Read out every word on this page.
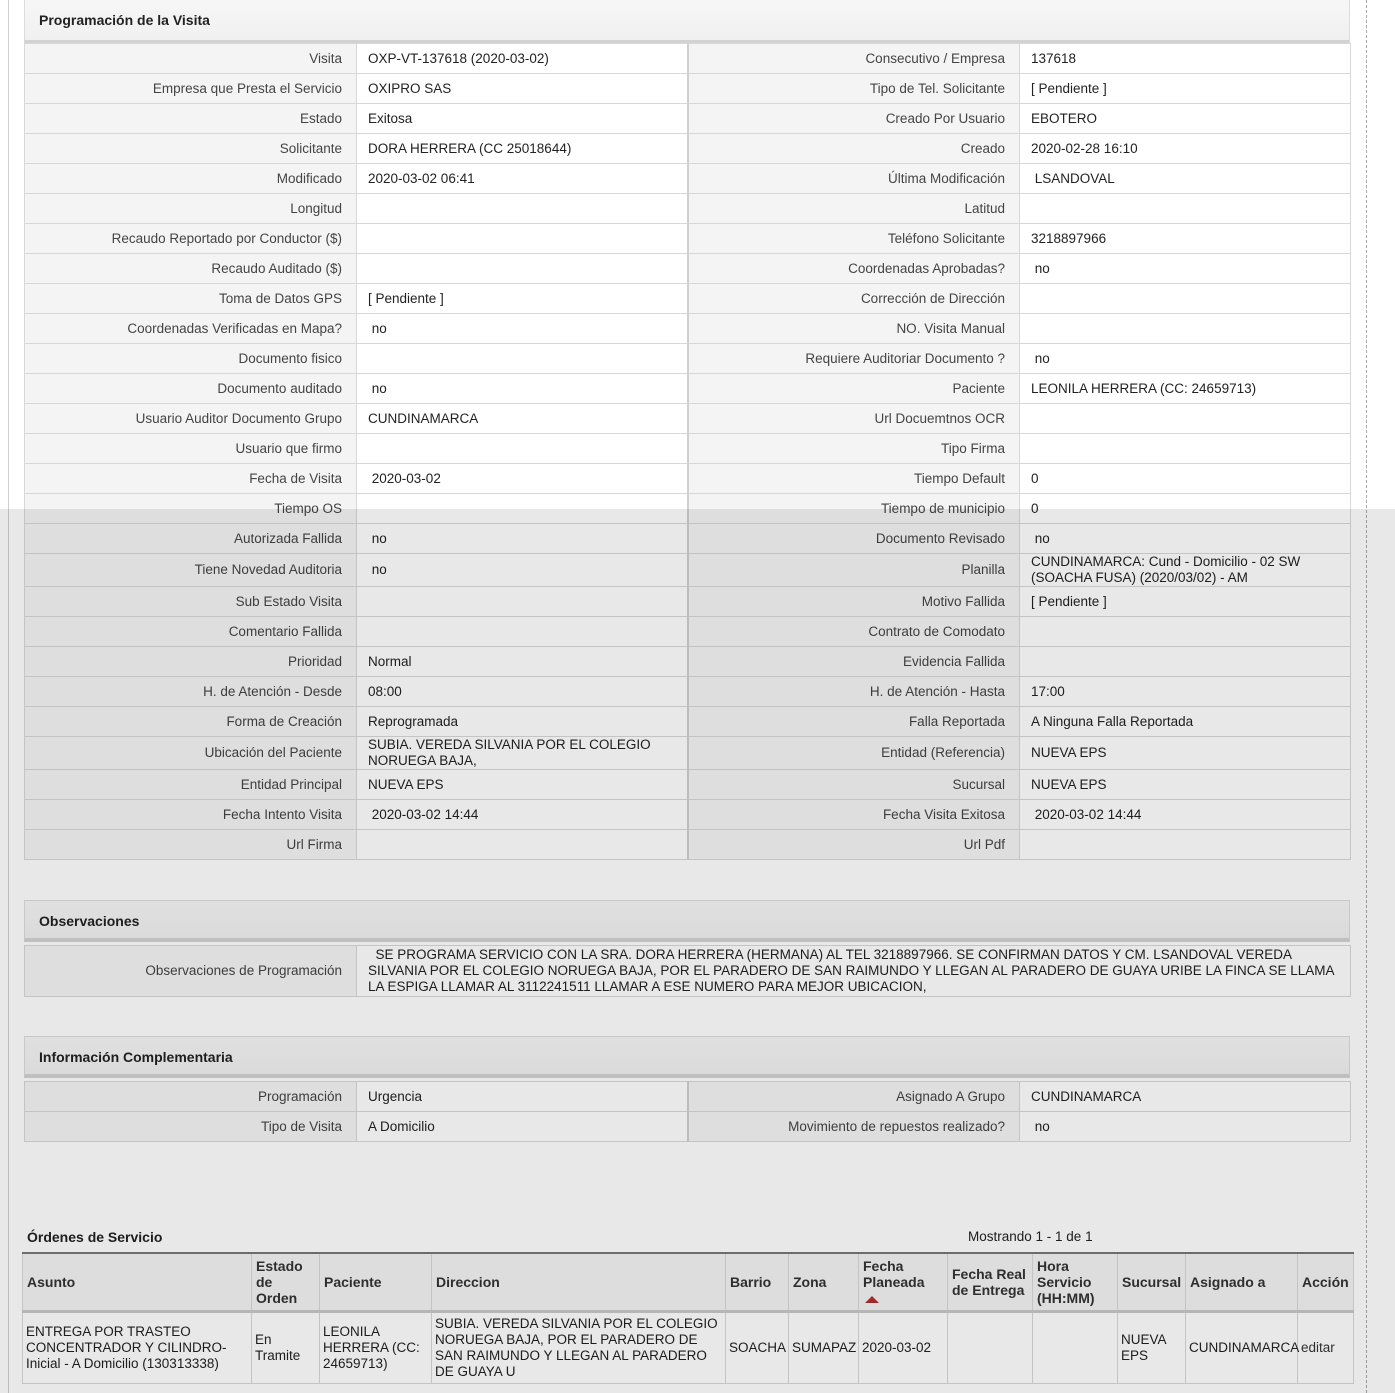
Programación de la Visita
Visita	OXP-VT-137618 (2020-03-02)	Consecutivo / Empresa	137618
Empresa que Presta el Servicio	OXIPRO SAS	Tipo de Tel. Solicitante	[ Pendiente ]
Estado	Exitosa	Creado Por Usuario	EBOTERO
Solicitante	DORA HERRERA (CC 25018644)	Creado	2020-02-28 16:10
Modificado	2020-03-02 06:41	Última Modificación	LSANDOVAL
Longitud		Latitud	
Recaudo Reportado por Conductor ($)		Teléfono Solicitante	3218897966
Recaudo Auditado ($)		Coordenadas Aprobadas?	no
Toma de Datos GPS	[ Pendiente ]	Corrección de Dirección	
Coordenadas Verificadas en Mapa?	no	NO. Visita Manual	
Documento fisico		Requiere Auditoriar Documento ?	no
Documento auditado	no	Paciente	LEONILA HERRERA (CC: 24659713)
Usuario Auditor Documento Grupo	CUNDINAMARCA	Url Docuemtnos OCR	
Usuario que firmo		Tipo Firma	
Fecha de Visita	2020-03-02	Tiempo Default	0
Tiempo OS		Tiempo de municipio	0
Autorizada Fallida	no	Documento Revisado	no
Tiene Novedad Auditoria	no	Planilla	CUNDINAMARCA: Cund - Domicilio - 02 SW (SOACHA FUSA) (2020/03/02) - AM
Sub Estado Visita		Motivo Fallida	[ Pendiente ]
Comentario Fallida		Contrato de Comodato	
Prioridad	Normal	Evidencia Fallida	
H. de Atención - Desde	08:00	H. de Atención - Hasta	17:00
Forma de Creación	Reprogramada	Falla Reportada	A Ninguna Falla Reportada
Ubicación del Paciente	SUBIA. VEREDA SILVANIA POR EL COLEGIO NORUEGA BAJA,	Entidad (Referencia)	NUEVA EPS
Entidad Principal	NUEVA EPS	Sucursal	NUEVA EPS
Fecha Intento Visita	2020-03-02 14:44	Fecha Visita Exitosa	2020-03-02 14:44
Url Firma		Url Pdf	
Observaciones
Observaciones de Programación	SE PROGRAMA SERVICIO CON LA SRA. DORA HERRERA (HERMANA) AL TEL 3218897966. SE CONFIRMAN DATOS Y CM. LSANDOVAL VEREDA SILVANIA POR EL COLEGIO NORUEGA BAJA, POR EL PARADERO DE SAN RAIMUNDO Y LLEGAN AL PARADERO DE GUAYA URIBE LA FINCA SE LLAMA LA ESPIGA LLAMAR AL 3112241511 LLAMAR A ESE NUMERO PARA MEJOR UBICACION,
Información Complementaria
Programación	Urgencia	Asignado A Grupo	CUNDINAMARCA
Tipo de Visita	A Domicilio	Movimiento de repuestos realizado?	no
Órdenes de Servicio	Mostrando 1 - 1 de 1
Asunto	Estado de Orden	Paciente	Direccion	Barrio	Zona	Fecha Planeada	Fecha Real de Entrega	Hora Servicio (HH:MM)	Sucursal	Asignado a	Acción
ENTREGA POR TRASTEO CONCENTRADOR Y CILINDRO-Inicial - A Domicilio (130313338)	En Tramite	LEONILA HERRERA (CC: 24659713)	SUBIA. VEREDA SILVANIA POR EL COLEGIO NORUEGA BAJA, POR EL PARADERO DE SAN RAIMUNDO Y LLEGAN AL PARADERO DE GUAYA U	SOACHA	SUMAPAZ	2020-03-02			NUEVA EPS	CUNDINAMARCA	editar
